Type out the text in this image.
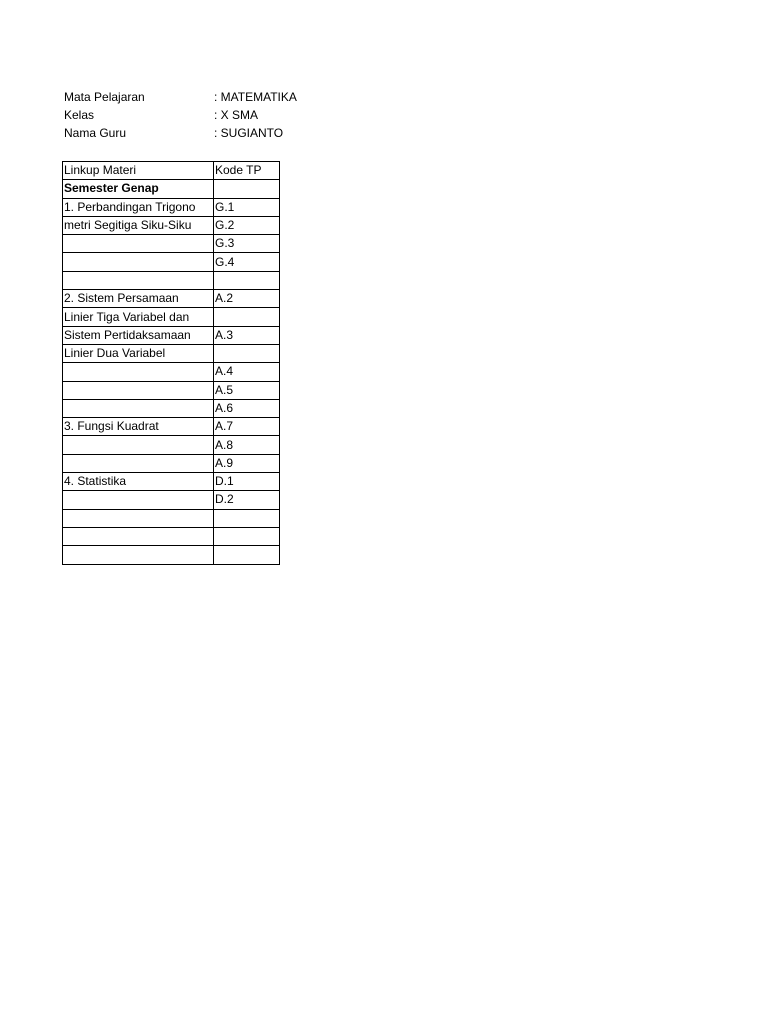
Mata Pelajaran	: MATEMATIKA
Kelas	: X SMA
Nama Guru	: SUGIANTO
Linkup Materi	Kode TP
Semester Genap	
1. Perbandingan Trigono	G.1
metri Segitiga Siku-Siku	G.2
	G.3
	G.4

2. Sistem Persamaan	A.2
Linier Tiga Variabel dan	
Sistem Pertidaksamaan	A.3
Linier Dua Variabel	
	A.4
	A.5
	A.6
3. Fungsi Kuadrat	A.7
	A.8
	A.9
4. Statistika	D.1
	D.2
